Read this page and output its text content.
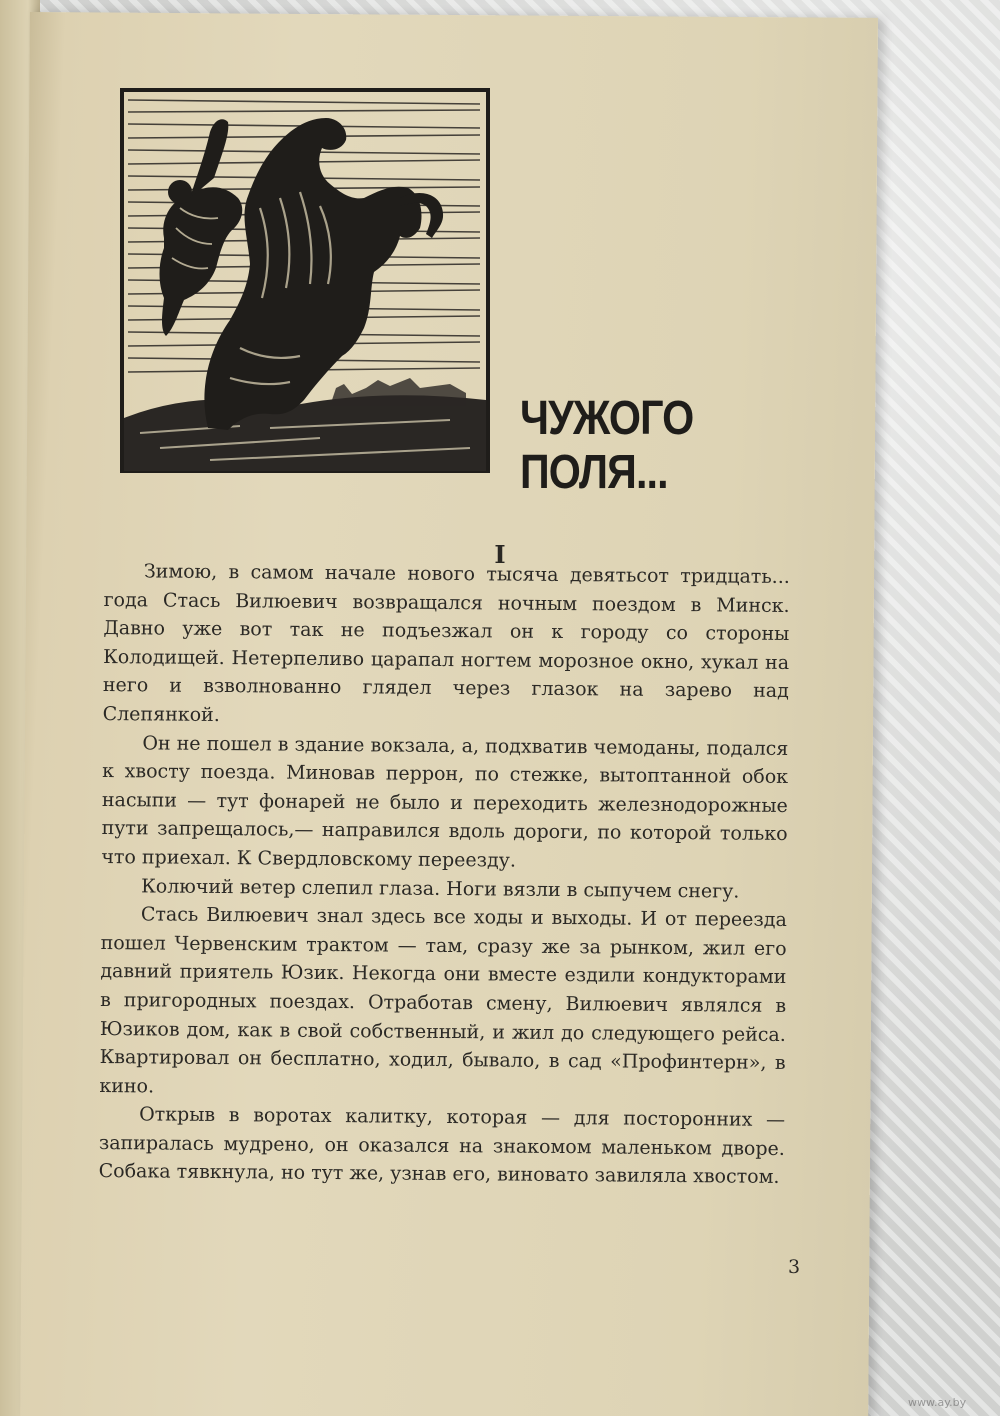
ЧУЖОГО
ПОЛЯ...
I

Зимою, в самом начале нового тысяча девятьсот тридцать... года Стась Вилюевич возвращался ночным поездом в Минск. Давно уже вот так не подъезжал он к городу со стороны Колодищей. Нетерпеливо царапал ногтем морозное окно, хукал на него и взволнованно глядел через глазок на зарево над Слепянкой.

Он не пошел в здание вокзала, а, подхватив чемоданы, подался к хвосту поезда. Миновав перрон, по стежке, вытоптанной обок насыпи — тут фонарей не было и переходить железнодорожные пути запрещалось,— направился вдоль дороги, по которой только что приехал. К Свердловскому переезду.

Колючий ветер слепил глаза. Ноги вязли в сыпучем снегу.

Стась Вилюевич знал здесь все ходы и выходы. И от переезда пошел Червенским трактом — там, сразу же за рынком, жил его давний приятель Юзик. Некогда они вместе ездили кондукторами в пригородных поездах. Отработав смену, Вилюевич являлся в Юзиков дом, как в свой собственный, и жил до следующего рейса. Квартировал он бесплатно, ходил, бывало, в сад «Профинтерн», в кино.

Открыв в воротах калитку, которая — для посторонних — запиралась мудрено, он оказался на знакомом маленьком дворе. Собака тявкнула, но тут же, узнав его, виновато завиляла хвостом.

3
www.ay.by
